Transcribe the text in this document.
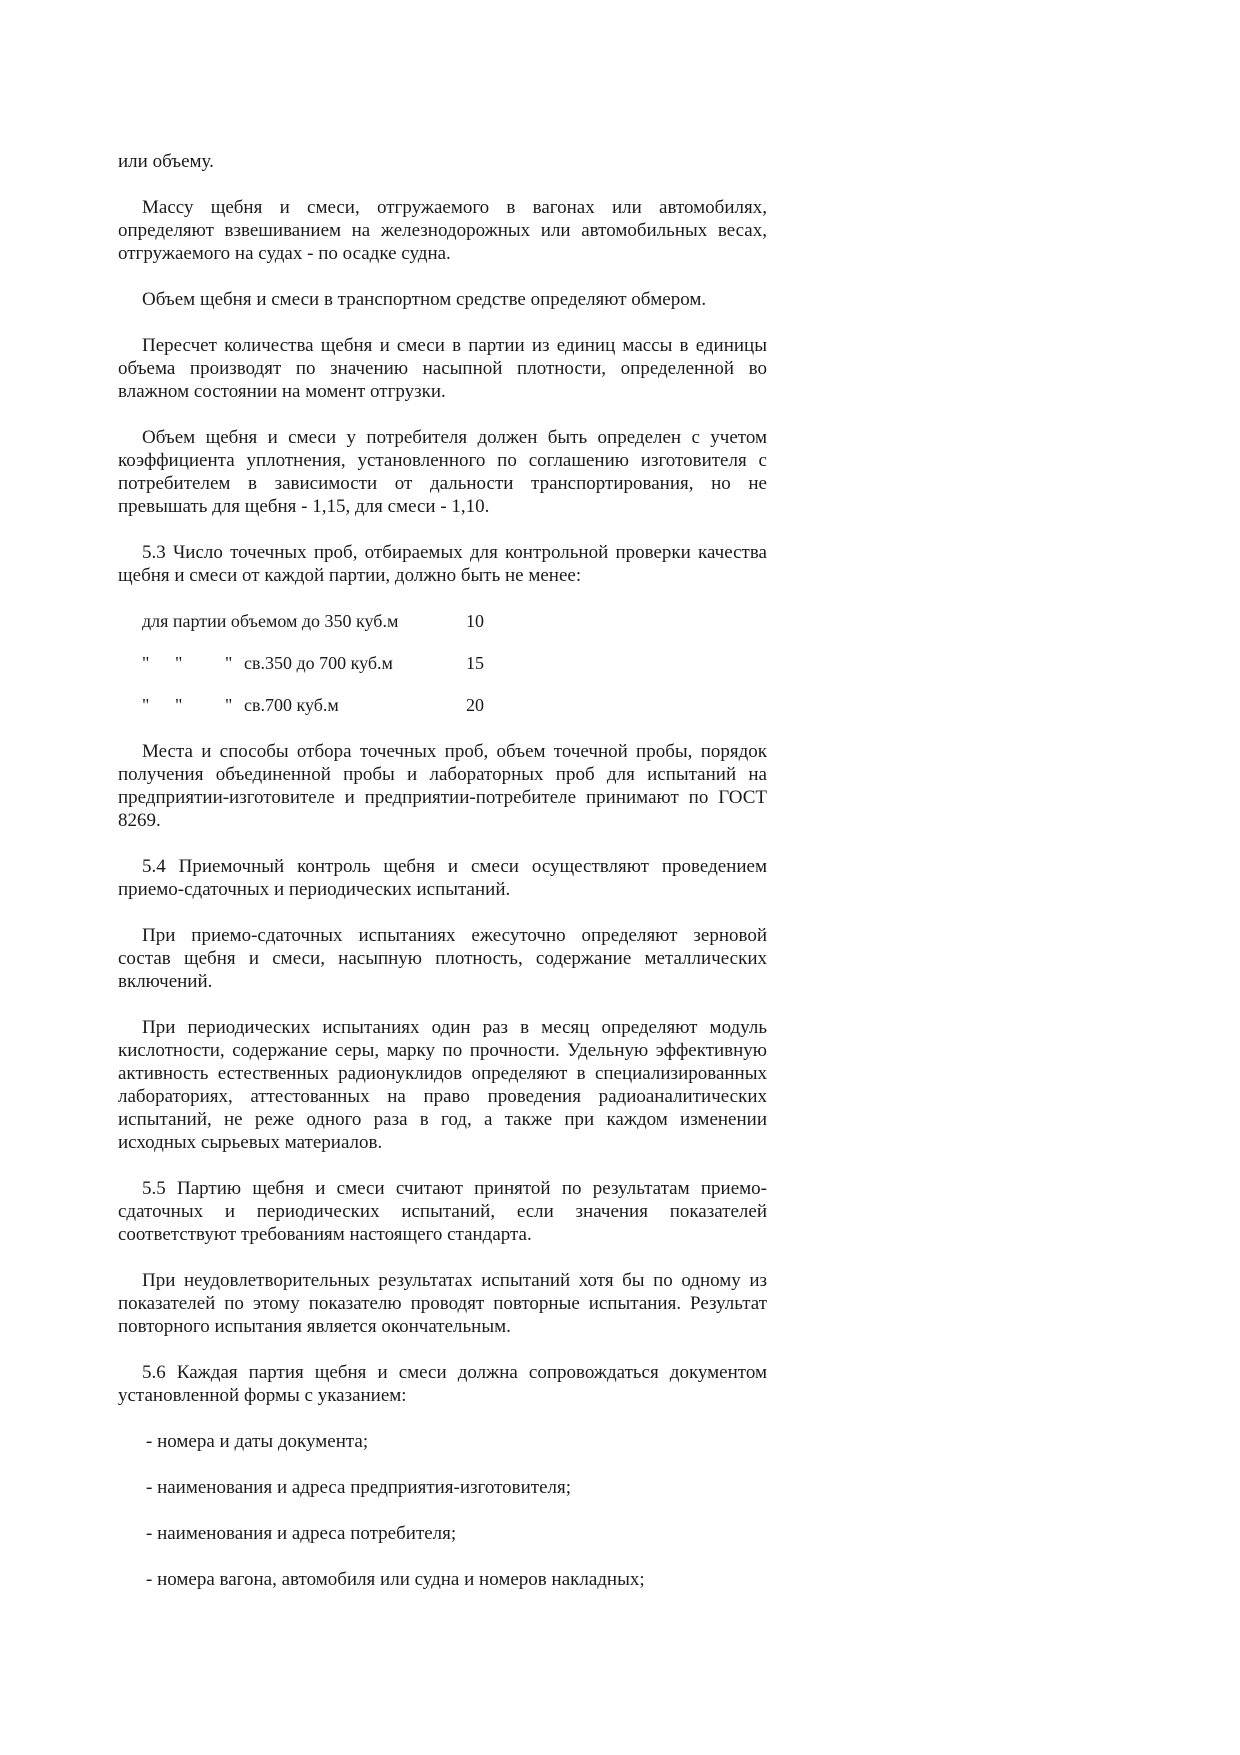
или объему.

Массу щебня и смеси, отгружаемого в вагонах или автомобилях, определяют взвешиванием на железнодорожных или автомобильных весах, отгружаемого на судах - по осадке судна.

Объем щебня и смеси в транспортном средстве определяют обмером.

Пересчет количества щебня и смеси в партии из единиц массы в единицы объема производят по значению насыпной плотности, определенной во влажном состоянии на момент отгрузки.

Объем щебня и смеси у потребителя должен быть определен с учетом коэффициента уплотнения, установленного по соглашению изготовителя с потребителем в зависимости от дальности транспортирования, но не превышать для щебня - 1,15, для смеси - 1,10.

5.3 Число точечных проб, отбираемых для контрольной проверки качества щебня и смеси от каждой партии, должно быть не менее:

для партии объемом до 350 куб.м	10
" " " св.350 до 700 куб.м	15
" " " св.700 куб.м	20

Места и способы отбора точечных проб, объем точечной пробы, порядок получения объединенной пробы и лабораторных проб для испытаний на предприятии-изготовителе и предприятии-потребителе принимают по ГОСТ 8269.

5.4 Приемочный контроль щебня и смеси осуществляют проведением приемо-сдаточных и периодических испытаний.

При приемо-сдаточных испытаниях ежесуточно определяют зерновой состав щебня и смеси, насыпную плотность, содержание металлических включений.

При периодических испытаниях один раз в месяц определяют модуль кислотности, содержание серы, марку по прочности. Удельную эффективную активность естественных радионуклидов определяют в специализированных лабораториях, аттестованных на право проведения радиоаналитических испытаний, не реже одного раза в год, а также при каждом изменении исходных сырьевых материалов.

5.5 Партию щебня и смеси считают принятой по результатам приемо-сдаточных и периодических испытаний, если значения показателей соответствуют требованиям настоящего стандарта.

При неудовлетворительных результатах испытаний хотя бы по одному из показателей по этому показателю проводят повторные испытания. Результат повторного испытания является окончательным.

5.6 Каждая партия щебня и смеси должна сопровождаться документом установленной формы с указанием:

- номера и даты документа;

- наименования и адреса предприятия-изготовителя;

- наименования и адреса потребителя;

- номера вагона, автомобиля или судна и номеров накладных;
